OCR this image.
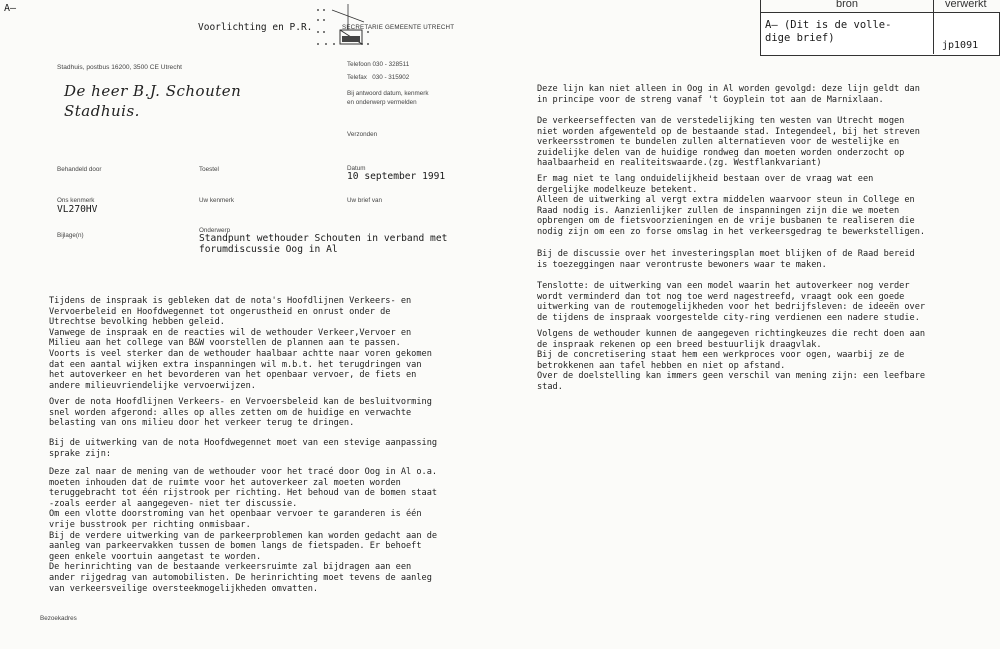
A–
Voorlichting en P.R.	SECRETARIE GEMEENTE UTRECHT
bron	verwerkt
A– (Dit is de volle-
dige brief)
jp1091
Stadhuis, postbus 16200, 3500 CE Utrecht	Telefoon 030 - 328511
Telefax   030 - 315902
De heer B.J. Schouten
Stadhuis.
Bij antwoord datum, kenmerk
en onderwerp vermelden
Verzonden
Behandeld door	Toestel	Datum
10 september 1991
Ons kenmerk
VL270HV
Uw kenmerk	Uw brief van
Bijlage(n)
Onderwerp
Standpunt wethouder Schouten in verband met
forumdiscussie Oog in Al
Tijdens de inspraak is gebleken dat de nota's Hoofdlijnen Verkeers- en
Vervoerbeleid en Hoofdwegennet tot ongerustheid en onrust onder de
Utrechtse bevolking hebben geleid.
Vanwege de inspraak en de reacties wil de wethouder Verkeer,Vervoer en
Milieu aan het college van B&W voorstellen de plannen aan te passen.
Voorts is veel sterker dan de wethouder haalbaar achtte naar voren gekomen
dat een aantal wijken extra inspanningen wil m.b.t. het terugdringen van
het autoverkeer en het bevorderen van het openbaar vervoer, de fiets en
andere milieuvriendelijke vervoerwijzen.
Over de nota Hoofdlijnen Verkeers- en Vervoersbeleid kan de besluitvorming
snel worden afgerond: alles op alles zetten om de huidige en verwachte
belasting van ons milieu door het verkeer terug te dringen.
Bij de uitwerking van de nota Hoofdwegennet moet van een stevige aanpassing
sprake zijn:
Deze zal naar de mening van de wethouder voor het tracé door Oog in Al o.a.
moeten inhouden dat de ruimte voor het autoverkeer zal moeten worden
teruggebracht tot één rijstrook per richting. Het behoud van de bomen staat
-zoals eerder al aangegeven- niet ter discussie.
Om een vlotte doorstroming van het openbaar vervoer te garanderen is één
vrije busstrook per richting onmisbaar.
Bij de verdere uitwerking van de parkeerproblemen kan worden gedacht aan de
aanleg van parkeervakken tussen de bomen langs de fietspaden. Er behoeft
geen enkele voortuin aangetast te worden.
De herinrichting van de bestaande verkeersruimte zal bijdragen aan een
ander rijgedrag van automobilisten. De herinrichting moet tevens de aanleg
van verkeersveilige oversteekmogelijkheden omvatten.
Deze lijn kan niet alleen in Oog in Al worden gevolgd: deze lijn geldt dan
in principe voor de streng vanaf 't Goyplein tot aan de Marnixlaan.
De verkeerseffecten van de verstedelijking ten westen van Utrecht mogen
niet worden afgewenteld op de bestaande stad. Integendeel, bij het streven
verkeersstromen te bundelen zullen alternatieven voor de westelijke en
zuidelijke delen van de huidige rondweg dan moeten worden onderzocht op
haalbaarheid en realiteitswaarde.(zg. Westflankvariant)
Er mag niet te lang onduidelijkheid bestaan over de vraag wat een
dergelijke modelkeuze betekent.
Alleen de uitwerking al vergt extra middelen waarvoor steun in College en
Raad nodig is. Aanzienlijker zullen de inspanningen zijn die we moeten
opbrengen om de fietsvoorzieningen en de vrije busbanen te realiseren die
nodig zijn om een zo forse omslag in het verkeersgedrag te bewerkstelligen.
Bij de discussie over het investeringsplan moet blijken of de Raad bereid
is toezeggingen naar verontruste bewoners waar te maken.
Tenslotte: de uitwerking van een model waarin het autoverkeer nog verder
wordt verminderd dan tot nog toe werd nagestreefd, vraagt ook een goede
uitwerking van de routemogelijkheden voor het bedrijfsleven: de ideeën over
de tijdens de inspraak voorgestelde city-ring verdienen een nadere studie.
Volgens de wethouder kunnen de aangegeven richtingkeuzes die recht doen aan
de inspraak rekenen op een breed bestuurlijk draagvlak.
Bij de concretisering staat hem een werkproces voor ogen, waarbij ze de
betrokkenen aan tafel hebben en niet op afstand.
Over de doelstelling kan immers geen verschil van mening zijn: een leefbare
stad.
Bezoekadres
